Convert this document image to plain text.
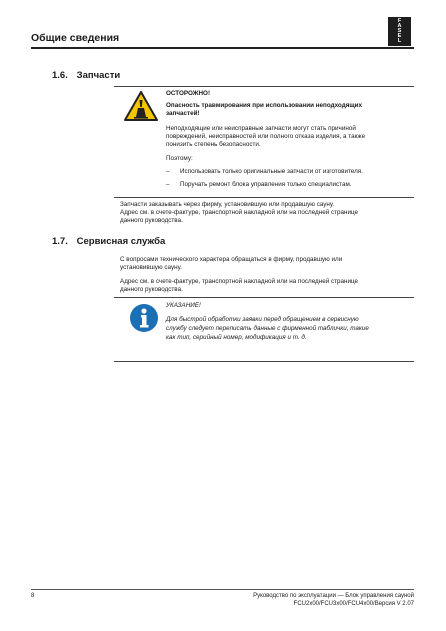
Общие сведения
F
A
S
E
L
1.6. Запчасти
ОСТОРОЖНО!
Опасность травмирования при использовании неподходящих
запчастей!
Неподходящие или неисправные запчасти могут стать причиной
повреждений, неисправностей или полного отказа изделия, а также
понизить степень безопасности.
Поэтому:
– Использовать только оригинальные запчасти от изготовителя.
– Поручать ремонт блока управления только специалистам.
Запчасти заказывать через фирму, установившую или продавшую сауну.
Адрес см. в счете-фактуре, транспортной накладной или на последней странице
данного руководства.
1.7. Сервисная служба
С вопросами технического характера обращаться в фирму, продавшую или
установившую сауну.
Адрес см. в счете-фактуре, транспортной накладной или на последней странице
данного руководства.
УКАЗАНИЕ!
Для быстрой обработки заявки перед обращением в сервисную
службу следует переписать данные с фирменной таблички, такие
как тип, серийный номер, модификация и т. д.
8	Руководство по эксплуатации — Блок управления сауной
FCU2x00/FCU3x00/FCU4x00/Версия V 2.07
